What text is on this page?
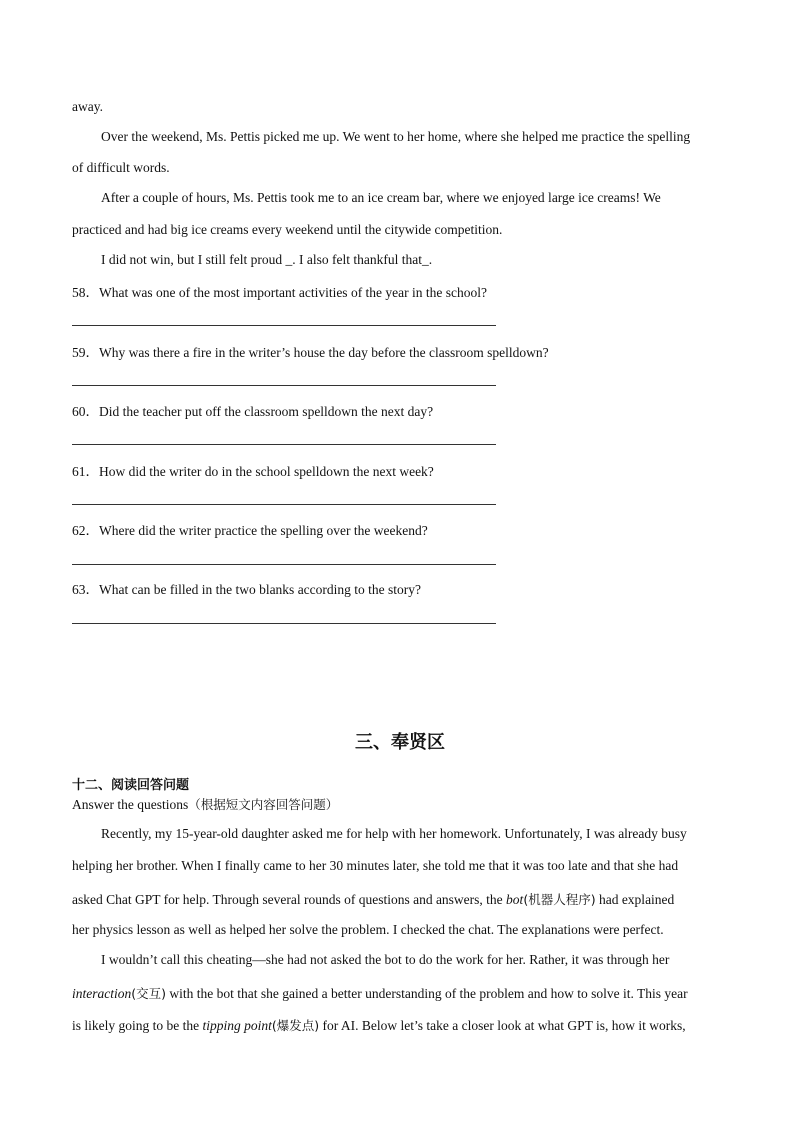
away.
Over the weekend, Ms. Pettis picked me up. We went to her home, where she helped me practice the spelling
of difficult words.
After a couple of hours, Ms. Pettis took me to an ice cream bar, where we enjoyed large ice creams! We
practiced and had big ice creams every weekend until the citywide competition.
I did not win, but I still felt proud _. I also felt thankful that_.
58．What was one of the most important activities of the year in the school?
59．Why was there a fire in the writer’s house the day before the classroom spelldown?
60．Did the teacher put off the classroom spelldown the next day?
61．How did the writer do in the school spelldown the next week?
62．Where did the writer practice the spelling over the weekend?
63．What can be filled in the two blanks according to the story?
三、奉贤区
十二、阅读回答问题
Answer the questions（根据短文内容回答问题）
Recently, my 15-year-old daughter asked me for help with her homework. Unfortunately, I was already busy
helping her brother. When I finally came to her 30 minutes later, she told me that it was too late and that she had
asked Chat GPT for help. Through several rounds of questions and answers, the bot(机器人程序) had explained
her physics lesson as well as helped her solve the problem. I checked the chat. The explanations were perfect.
I wouldn’t call this cheating—she had not asked the bot to do the work for her. Rather, it was through her
interaction(交互) with the bot that she gained a better understanding of the problem and how to solve it. This year
is likely going to be the tipping point(爆发点) for AI. Below let’s take a closer look at what GPT is, how it works,
